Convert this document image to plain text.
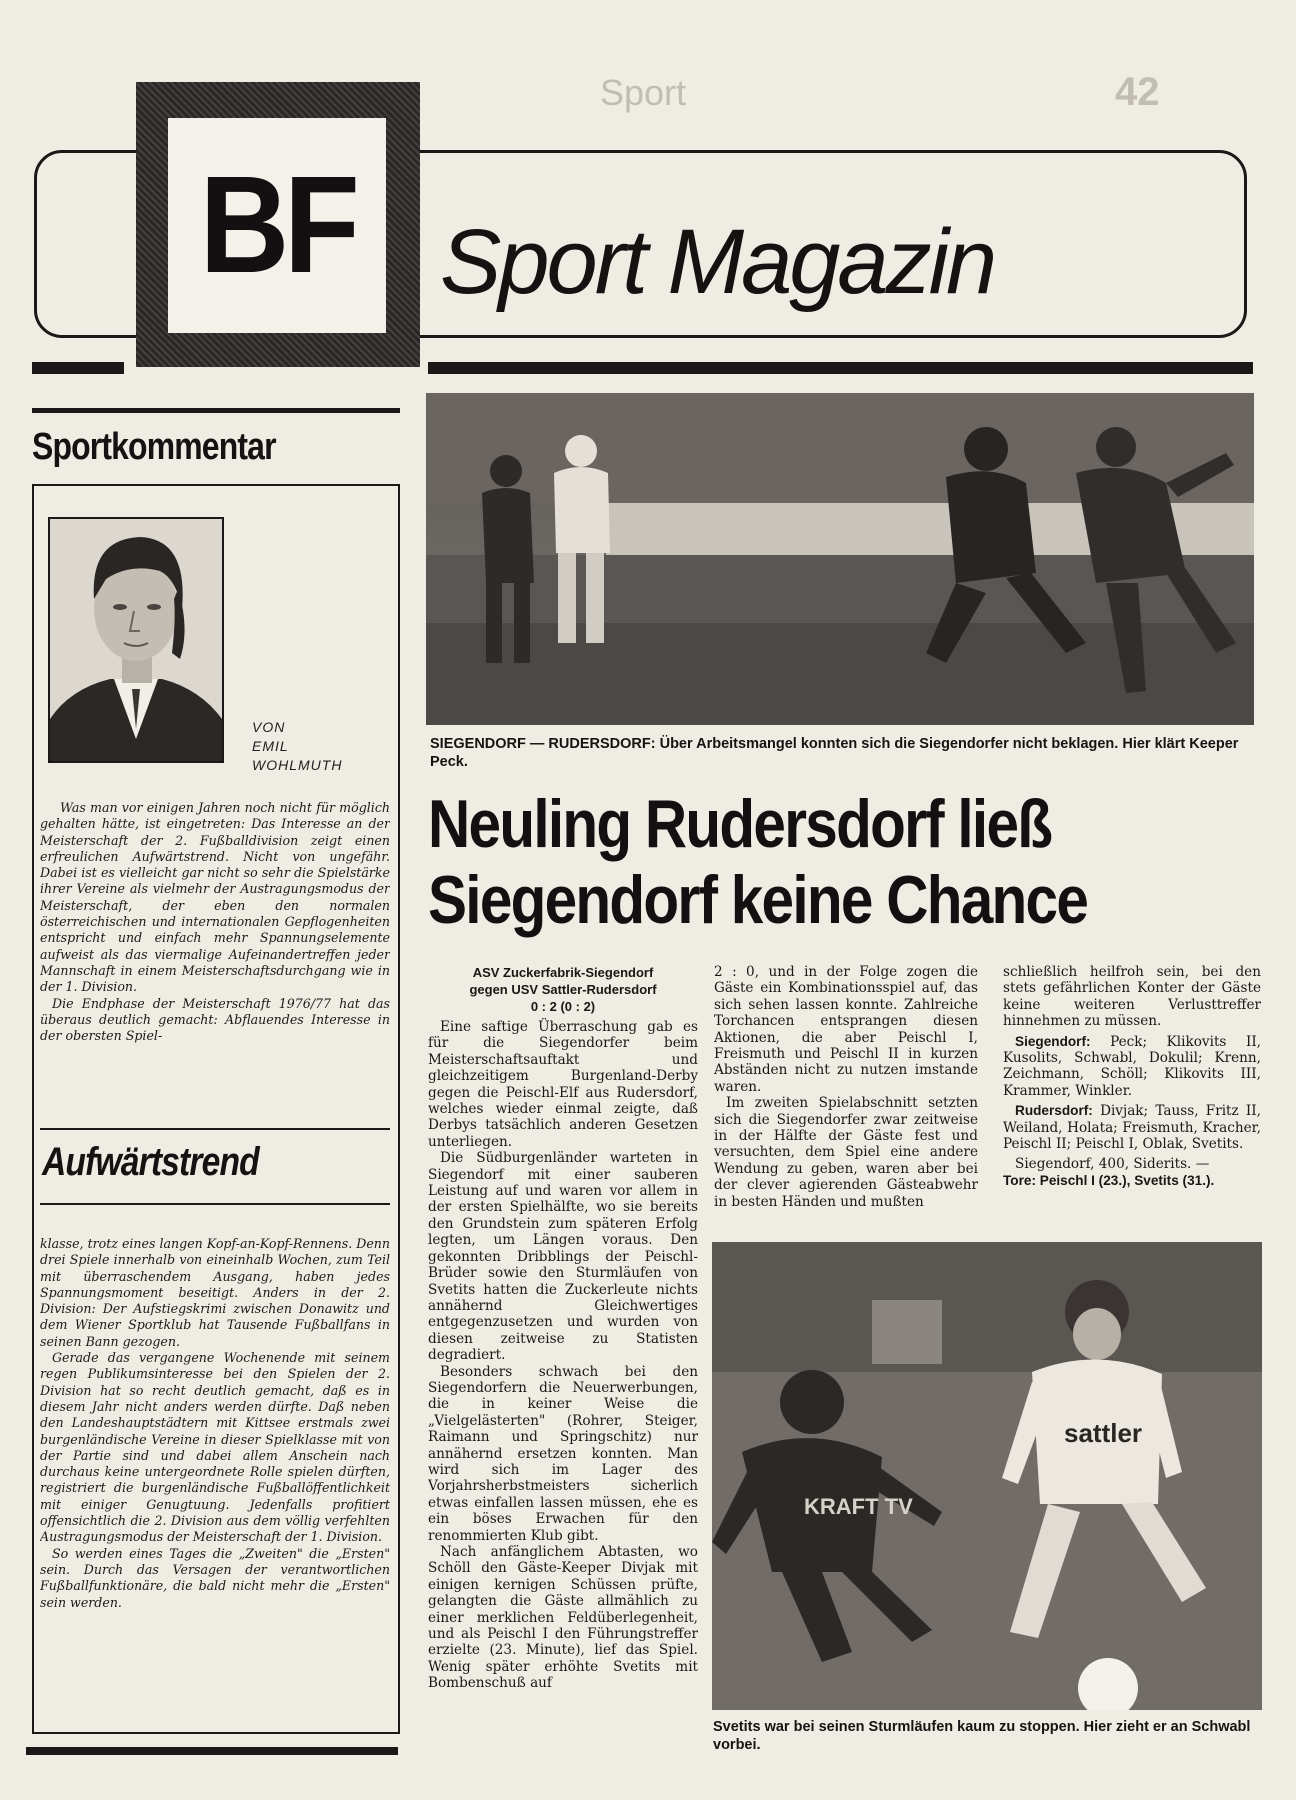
42
Sport
BF Sport Magazin
Sportkommentar
VON
EMIL
WOHLMUTH

Was man vor einigen Jahren noch nicht für möglich gehalten hätte, ist eingetreten: Das Interesse an der Meisterschaft der 2. Fußballdivision zeigt einen erfreulichen Aufwärtstrend. Nicht von ungefähr. Dabei ist es vielleicht gar nicht so sehr die Spielstärke ihrer Vereine als vielmehr der Austragungsmodus der Meisterschaft, der eben den normalen österreichischen und internationalen Gepflogenheiten entspricht und einfach mehr Spannungselemente aufweist als das viermalige Aufeinandertreffen jeder Mannschaft in einem Meisterschaftsdurchgang wie in der 1. Division.

Die Endphase der Meisterschaft 1976/77 hat das überaus deutlich gemacht: Abflauendes Interesse in der obersten Spiel-

Aufwärtstrend

klasse, trotz eines langen Kopf-an-Kopf-Rennens. Denn drei Spiele innerhalb von eineinhalb Wochen, zum Teil mit überraschendem Ausgang, haben jedes Spannungsmoment beseitigt. Anders in der 2. Division: Der Aufstiegskrimi zwischen Donawitz und dem Wiener Sportklub hat Tausende Fußballfans in seinen Bann gezogen.

Gerade das vergangene Wochenende mit seinem regen Publikumsinteresse bei den Spielen der 2. Division hat so recht deutlich gemacht, daß es in diesem Jahr nicht anders werden dürfte. Daß neben den Landeshauptstädtern mit Kittsee erstmals zwei burgenländische Vereine in dieser Spielklasse mit von der Partie sind und dabei allem Anschein nach durchaus keine untergeordnete Rolle spielen dürften, registriert die burgenländische Fußballöffentlichkeit mit einiger Genugtuung. Jedenfalls profitiert offensichtlich die 2. Division aus dem völlig verfehlten Austragungsmodus der Meisterschaft der 1. Division.

So werden eines Tages die „Zweiten" die „Ersten" sein. Durch das Versagen der verantwortlichen Fußballfunktionäre, die bald nicht mehr die „Ersten" sein werden.

SIEGENDORF — RUDERSDORF: Über Arbeitsmangel konnten sich die Siegendorfer nicht beklagen. Hier klärt Keeper Peck.
Neuling Rudersdorf ließ
Siegendorf keine Chance
ASV Zuckerfabrik-Siegendorf
gegen USV Sattler-Rudersdorf
0 : 2 (0 : 2)

Eine saftige Überraschung gab es für die Siegendorfer beim Meisterschaftsauftakt und gleichzeitigem Burgenland-Derby gegen die Peischl-Elf aus Rudersdorf, welches wieder einmal zeigte, daß Derbys tatsächlich anderen Gesetzen unterliegen.

Die Südburgenländer warteten in Siegendorf mit einer sauberen Leistung auf und waren vor allem in der ersten Spielhälfte, wo sie bereits den Grundstein zum späteren Erfolg legten, um Längen voraus. Den gekonnten Dribblings der Peischl-Brüder sowie den Sturmläufen von Svetits hatten die Zuckerleute nichts annähernd Gleichwertiges entgegenzusetzen und wurden von diesen zeitweise zu Statisten degradiert.

Besonders schwach bei den Siegendorfern die Neuerwerbungen, die in keiner Weise die „Vielgelästerten" (Rohrer, Steiger, Raimann und Springschitz) nur annähernd ersetzen konnten. Man wird sich im Lager des Vorjahrsherbstmeisters sicherlich etwas einfallen lassen müssen, ehe es ein böses Erwachen für den renommierten Klub gibt.

Nach anfänglichem Abtasten, wo Schöll den Gäste-Keeper Divjak mit einigen kernigen Schüssen prüfte, gelangten die Gäste allmählich zu einer merklichen Feldüberlegenheit, und als Peischl I den Führungstreffer erzielte (23. Minute), lief das Spiel. Wenig später erhöhte Svetits mit Bombenschuß auf

2 : 0, und in der Folge zogen die Gäste ein Kombinationsspiel auf, das sich sehen lassen konnte. Zahlreiche Torchancen entsprangen diesen Aktionen, die aber Peischl I, Freismuth und Peischl II in kurzen Abständen nicht zu nutzen imstande waren.

Im zweiten Spielabschnitt setzten sich die Siegendorfer zwar zeitweise in der Hälfte der Gäste fest und versuchten, dem Spiel eine andere Wendung zu geben, waren aber bei der clever agierenden Gästeabwehr in besten Händen und mußten

schließlich heilfroh sein, bei den stets gefährlichen Konter der Gäste keine weiteren Verlusttreffer hinnehmen zu müssen.

Siegendorf: Peck; Klikovits II, Kusolits, Schwabl, Dokulil; Krenn, Zeichmann, Schöll; Klikovits III, Krammer, Winkler.

Rudersdorf: Divjak; Tauss, Fritz II, Weiland, Holata; Freismuth, Kracher, Peischl II; Peischl I, Oblak, Svetits.

Siegendorf, 400, Siderits. —

Tore: Peischl I (23.), Svetits (31.).

KRAFT TV
sattler
Svetits war bei seinen Sturmläufen kaum zu stoppen. Hier zieht er an Schwabl vorbei.
